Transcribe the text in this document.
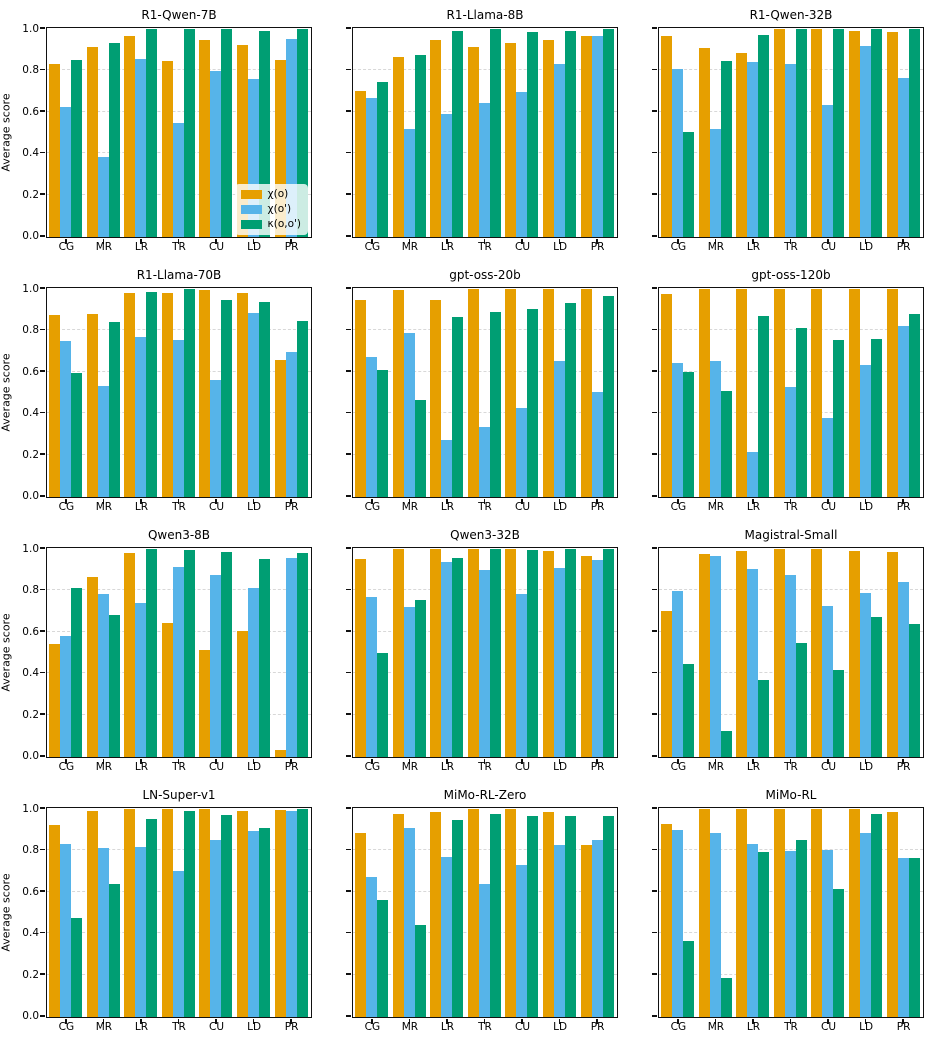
Average score
0.0
0.2
0.4
0.6
0.8
1.0
R1-Qwen-7B
χ(o)
χ(o')
κ(o,o')
CG	MR	LR	TR	CU	LD	PR
R1-Llama-8B
CG	MR	LR	TR	CU	LD	PR
R1-Qwen-32B
CG	MR	LR	TR	CU	LD	PR
Average score
0.0
0.2
0.4
0.6
0.8
1.0
R1-Llama-70B
CG	MR	LR	TR	CU	LD	PR
gpt-oss-20b
CG	MR	LR	TR	CU	LD	PR
gpt-oss-120b
CG	MR	LR	TR	CU	LD	PR
Average score
0.0
0.2
0.4
0.6
0.8
1.0
Qwen3-8B
CG	MR	LR	TR	CU	LD	PR
Qwen3-32B
CG	MR	LR	TR	CU	LD	PR
Magistral-Small
CG	MR	LR	TR	CU	LD	PR
Average score
0.0
0.2
0.4
0.6
0.8
1.0
LN-Super-v1
CG	MR	LR	TR	CU	LD	PR
MiMo-RL-Zero
CG	MR	LR	TR	CU	LD	PR
MiMo-RL
CG	MR	LR	TR	CU	LD	PR
